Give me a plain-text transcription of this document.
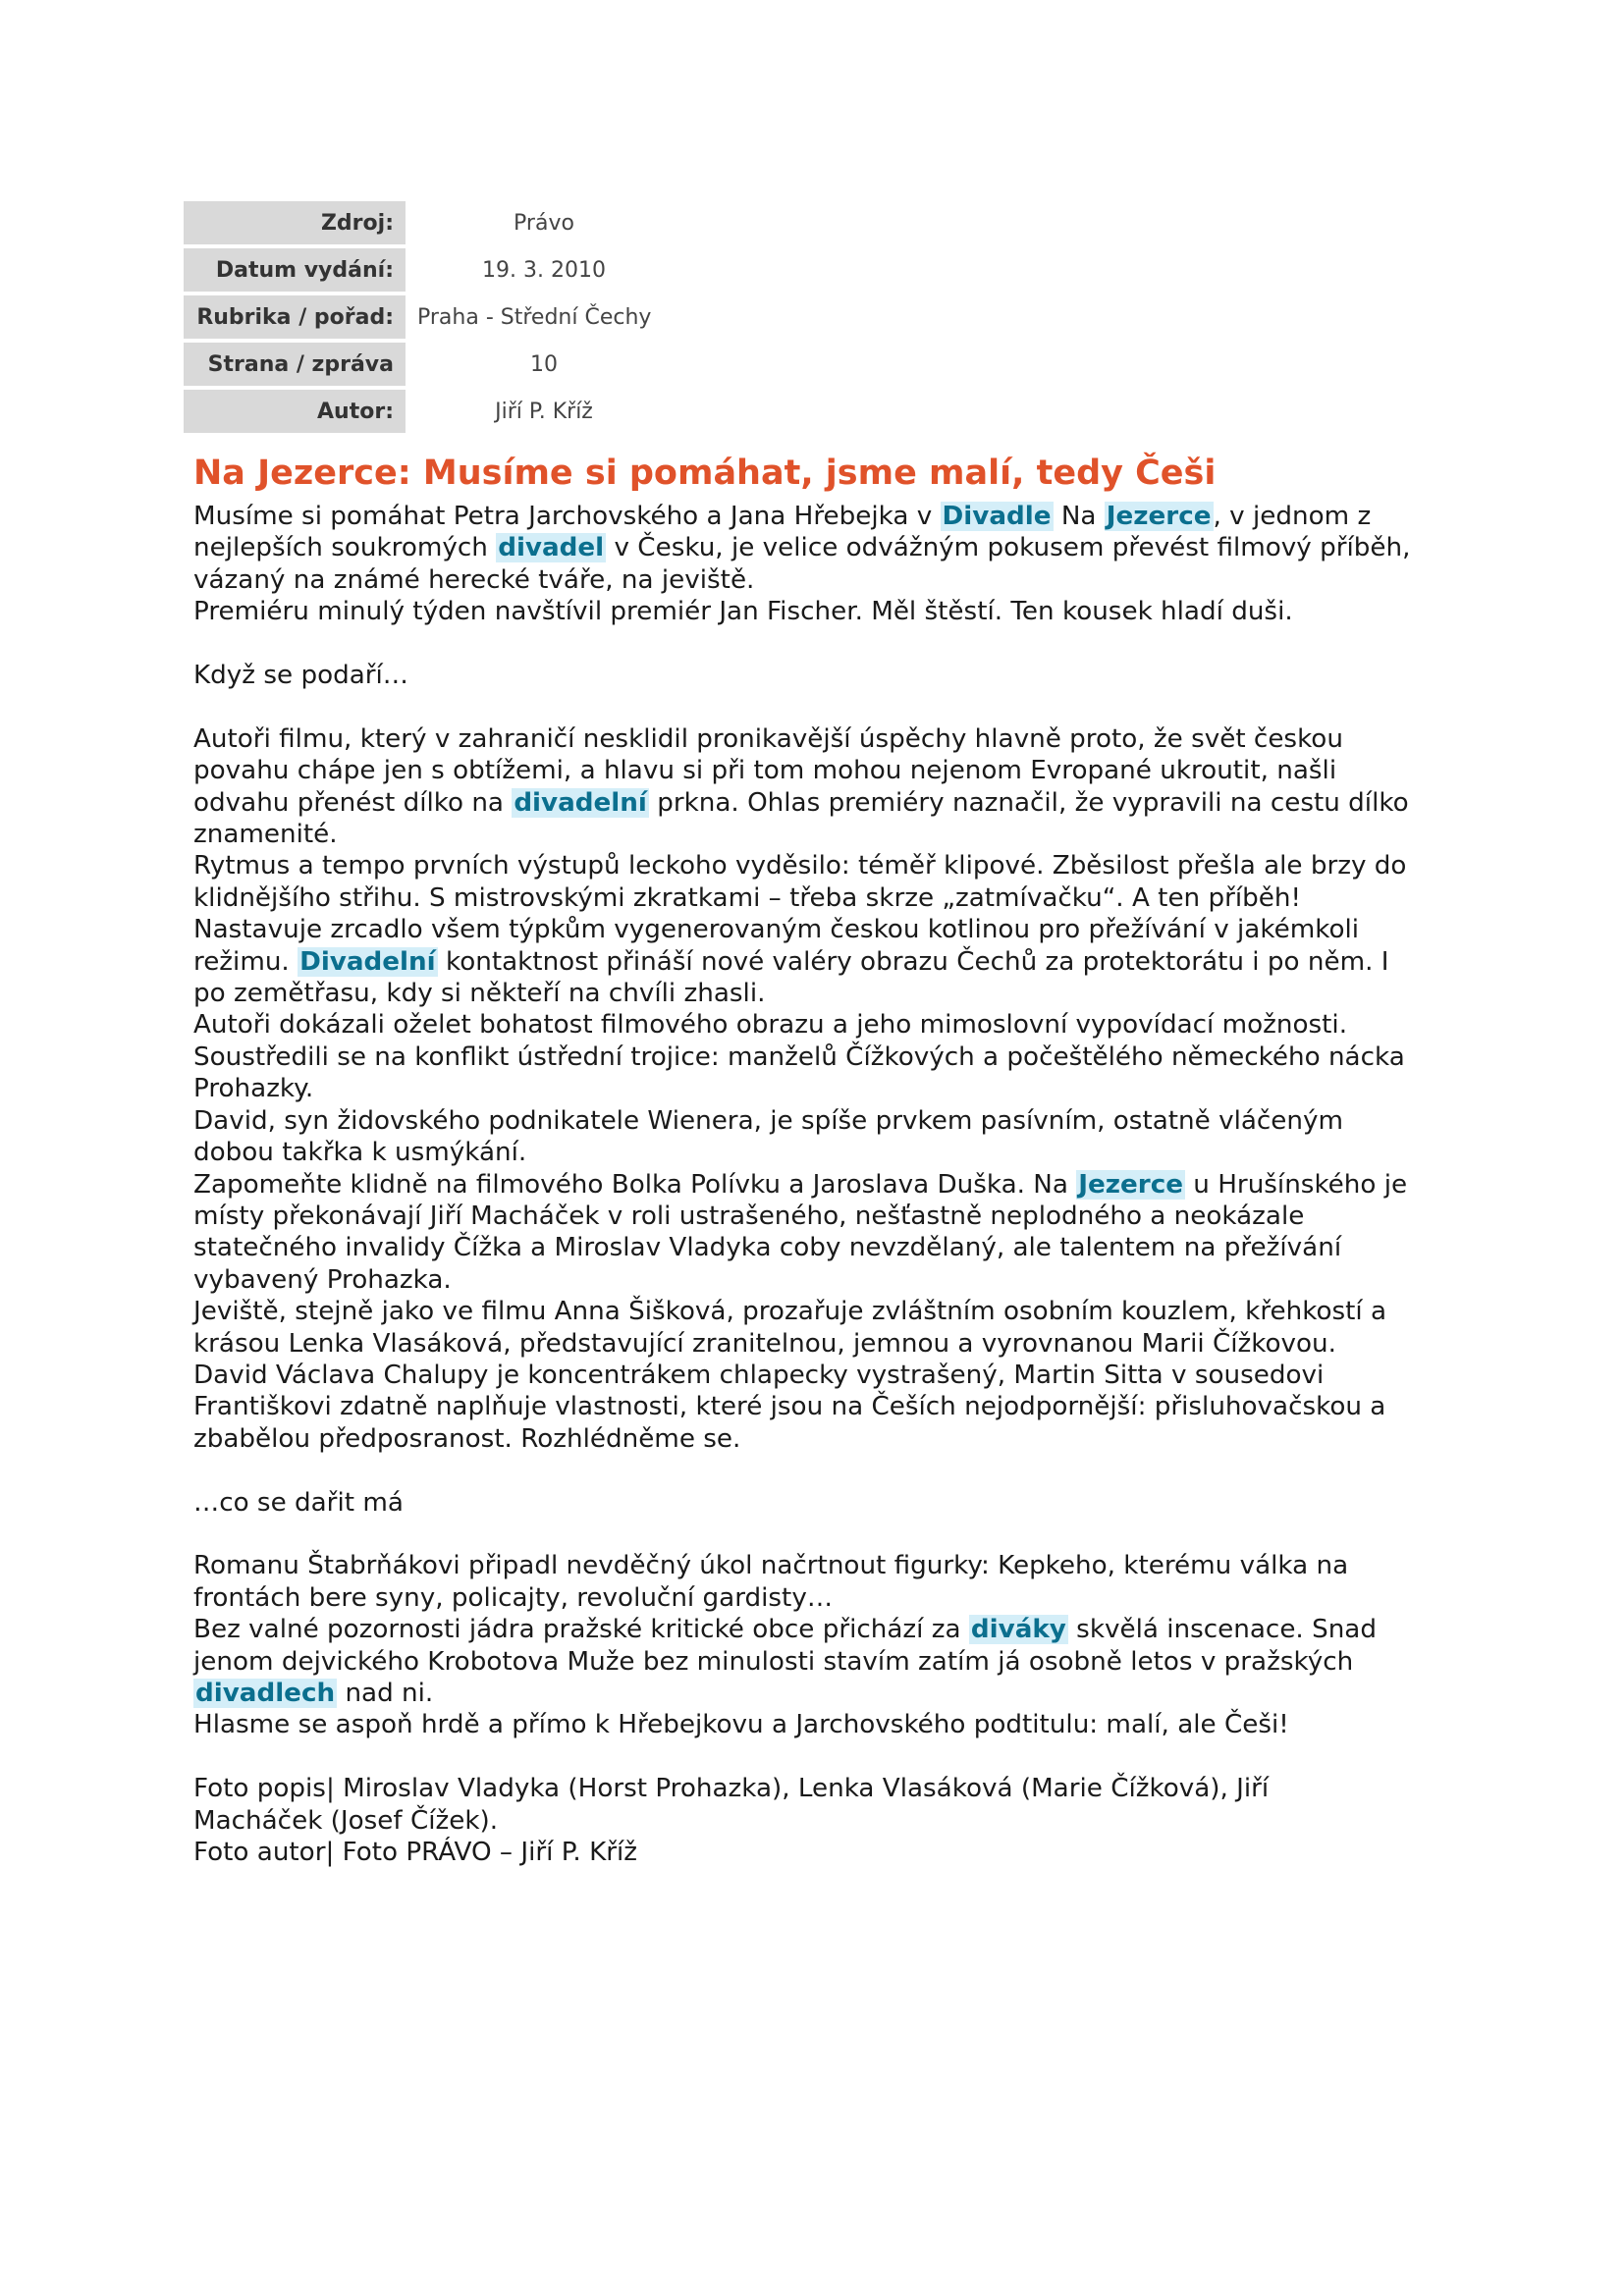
Zdroj:	Právo
Datum vydání:	19. 3. 2010
Rubrika / pořad:	Praha - Střední Čechy
Strana / zpráva	10
Autor:	Jiří P. Kříž
Na Jezerce: Musíme si pomáhat, jsme malí, tedy Češi

Musíme si pomáhat Petra Jarchovského a Jana Hřebejka v Divadle Na Jezerce, v jednom z

nejlepších soukromých divadel v Česku, je velice odvážným pokusem převést filmový příběh,

vázaný na známé herecké tváře, na jeviště.

Premiéru minulý týden navštívil premiér Jan Fischer. Měl štěstí. Ten kousek hladí duši.

Když se podaří…

Autoři filmu, který v zahraničí nesklidil pronikavější úspěchy hlavně proto, že svět českou

povahu chápe jen s obtížemi, a hlavu si při tom mohou nejenom Evropané ukroutit, našli

odvahu přenést dílko na divadelní prkna. Ohlas premiéry naznačil, že vypravili na cestu dílko

znamenité.

Rytmus a tempo prvních výstupů leckoho vyděsilo: téměř klipové. Zběsilost přešla ale brzy do

klidnějšího střihu. S mistrovskými zkratkami – třeba skrze „zatmívačku“. A ten příběh!

Nastavuje zrcadlo všem týpkům vygenerovaným českou kotlinou pro přežívání v jakémkoli

režimu. Divadelní kontaktnost přináší nové valéry obrazu Čechů za protektorátu i po něm. I

po zemětřasu, kdy si někteří na chvíli zhasli.

Autoři dokázali oželet bohatost filmového obrazu a jeho mimoslovní vypovídací možnosti.

Soustředili se na konflikt ústřední trojice: manželů Čížkových a počeštělého německého nácka

Prohazky.

David, syn židovského podnikatele Wienera, je spíše prvkem pasívním, ostatně vláčeným

dobou takřka k usmýkání.

Zapomeňte klidně na filmového Bolka Polívku a Jaroslava Duška. Na Jezerce u Hrušínského je

místy překonávají Jiří Macháček v roli ustrašeného, nešťastně neplodného a neokázale

statečného invalidy Čížka a Miroslav Vladyka coby nevzdělaný, ale talentem na přežívání

vybavený Prohazka.

Jeviště, stejně jako ve filmu Anna Šišková, prozařuje zvláštním osobním kouzlem, křehkostí a

krásou Lenka Vlasáková, představující zranitelnou, jemnou a vyrovnanou Marii Čížkovou.

David Václava Chalupy je koncentrákem chlapecky vystrašený, Martin Sitta v sousedovi

Františkovi zdatně naplňuje vlastnosti, které jsou na Češích nejodpornější: přisluhovačskou a

zbabělou předposranost. Rozhlédněme se.

…co se dařit má

Romanu Štabrňákovi připadl nevděčný úkol načrtnout figurky: Kepkeho, kterému válka na

frontách bere syny, policajty, revoluční gardisty…

Bez valné pozornosti jádra pražské kritické obce přichází za diváky skvělá inscenace. Snad

jenom dejvického Krobotova Muže bez minulosti stavím zatím já osobně letos v pražských

divadlech nad ni.

Hlasme se aspoň hrdě a přímo k Hřebejkovu a Jarchovského podtitulu: malí, ale Češi!

Foto popis| Miroslav Vladyka (Horst Prohazka), Lenka Vlasáková (Marie Čížková), Jiří

Macháček (Josef Čížek).

Foto autor| Foto PRÁVO – Jiří P. Kříž
